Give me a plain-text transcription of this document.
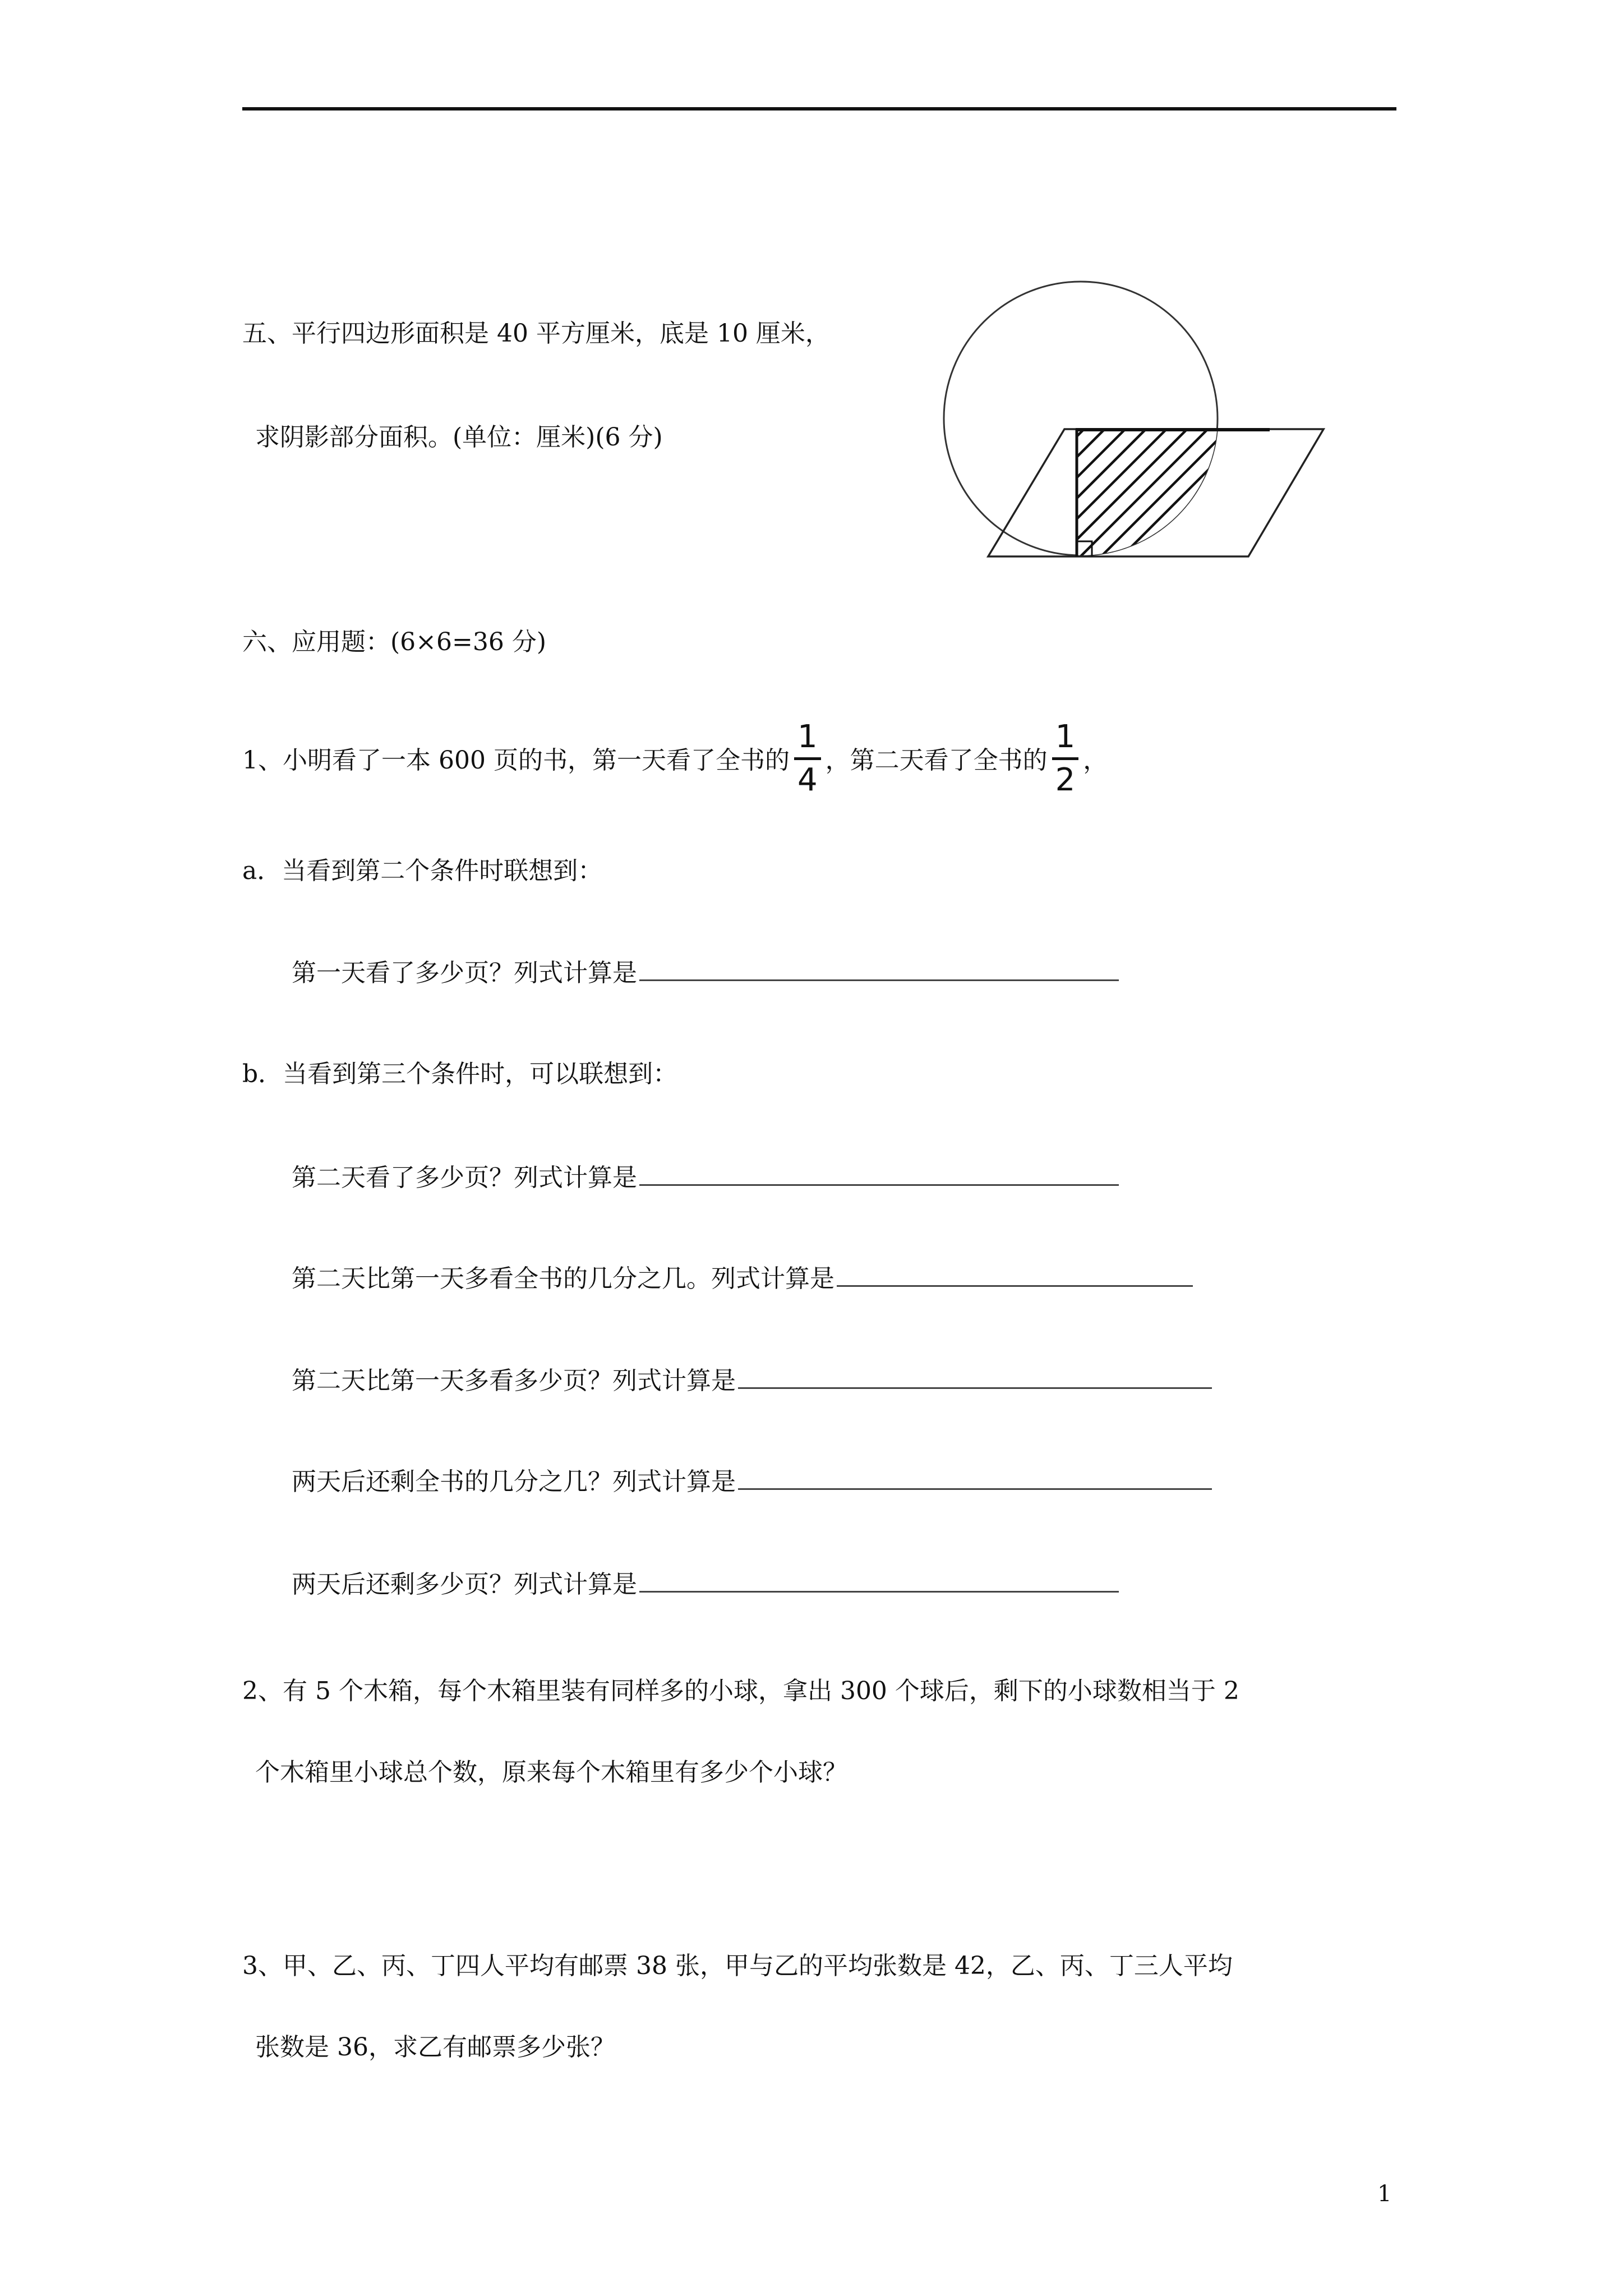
五、平行四边形面积是 40 平方厘米，底是 10 厘米，
求阴影部分面积。(单位：厘米)(6 分)
六、应用题：(6×6=36 分)
1、小明看了一本 600 页的书，第一天看了全书的
1
4
，第二天看了全书的
1
2
，
a．当看到第二个条件时联想到：
第一天看了多少页？列式计算是
b．当看到第三个条件时，可以联想到：
第二天看了多少页？列式计算是
第二天比第一天多看全书的几分之几。列式计算是
第二天比第一天多看多少页？列式计算是
两天后还剩全书的几分之几？列式计算是
两天后还剩多少页？列式计算是
2、有 5 个木箱，每个木箱里装有同样多的小球，拿出 300 个球后，剩下的小球数相当于 2
个木箱里小球总个数，原来每个木箱里有多少个小球？
3、甲、乙、丙、丁四人平均有邮票 38 张，甲与乙的平均张数是 42，乙、丙、丁三人平均
张数是 36，求乙有邮票多少张？
1
